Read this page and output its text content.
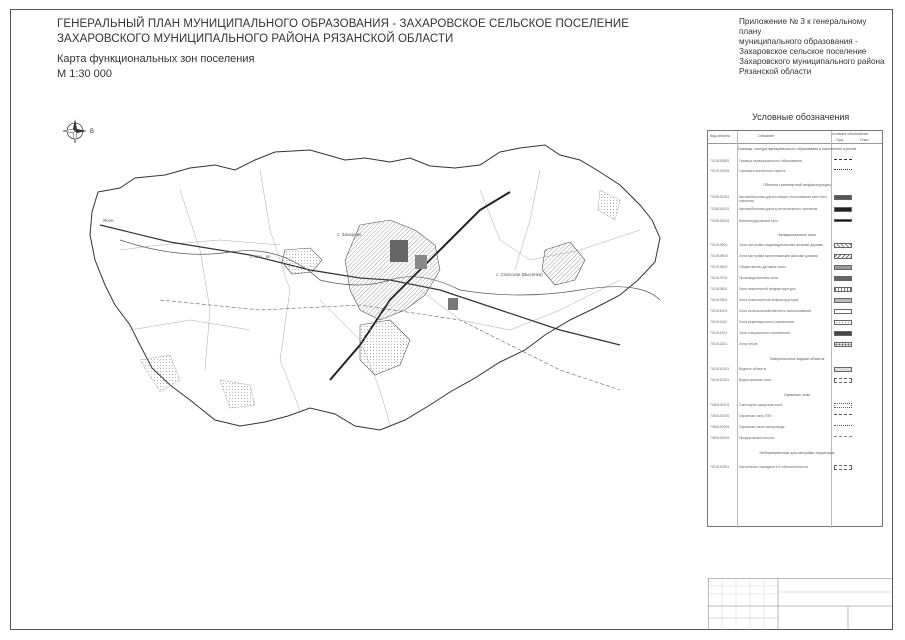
ГЕНЕРАЛЬНЫЙ ПЛАН МУНИЦИПАЛЬНОГО ОБРАЗОВАНИЯ - ЗАХАРОВСКОЕ СЕЛЬСКОЕ ПОСЕЛЕНИЕ
ЗАХАРОВСКОГО МУНИЦИПАЛЬНОГО РАЙОНА РЯЗАНСКОЙ ОБЛАСТИ
Карта функциональных зон поселения
М 1:30 000
Приложение № 3 к генеральному плану
муниципального образования -
Захаровское сельское поселение
Захаровского муниципального района
Рязанской области
В
с. Захарово
с. Каз.. во
с. Спасское (Выселки)
Ясен
Условные обозначения
Код объекта	Описание	Условное обозначение
Сущ.	План.
Границы, контура муниципального образования и населенных пунктов
7010100501	Граница муниципального образования
7010101501	Граница населенного пункта
Объекты транспортной инфраструктуры
7030100311	Автомобильная дорога общего пользования местного значения
7030100321	Автомобильная дорога регионального значения
7030100401	Железнодорожный путь
Функциональные зоны
701010501	Зона застройки индивидуальными жилыми домами
701010503	Зона застройки малоэтажными жилыми домами
701010601	Общественно-деловые зоны
701010701	Производственная зона
701010801	Зона инженерной инфраструктуры
701010901	Зона транспортной инфраструктуры
701011001	Зона сельскохозяйственного использования
701011101	Зона рекреационного назначения
701011201	Зона специального назначения
701011301	Зона лесов
Поверхностные водные объекты
7010110101	Водные объекты
7010110201	Водоохранная зона
Охранные зоны
7060100101	Санитарно-защитная зона
7060100201	Охранная зона ЛЭП
7060100301	Охранная зона газопровода
7060100401	Придорожная полоса
Неблагоприятные для застройки территории
7010110301	Затопление паводком 1% обеспеченности
